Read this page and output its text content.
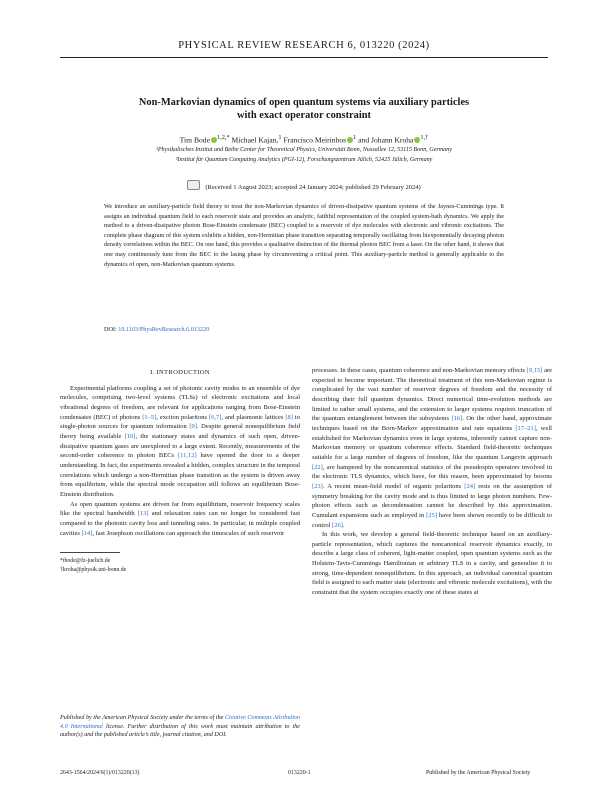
PHYSICAL REVIEW RESEARCH 6, 013220 (2024)
Non-Markovian dynamics of open quantum systems via auxiliary particles
with exact operator constraint
Tim Bode $^{1,2,*}$ Michael Kajan,$^1$ Francisco Meirinhos $^1$ and Johann Kroha $^{1,\dagger}$
¹Physikalisches Institut and Bethe Center for Theoretical Physics, Universität Bonn, Nussallee 12, 53115 Bonn, Germany
²Institut für Quantum Computing Analytics (PGI-12), Forschungszentrum Jülich, 52425 Jülich, Germany
(Received 1 August 2023; accepted 24 January 2024; published 29 February 2024)

We introduce an auxiliary-particle field theory to treat the non-Markovian dynamics of driven-dissipative quantum systems of the Jaynes-Cummings type. It assigns an individual quantum field to each reservoir state and provides an analytic, faithful representation of the coupled system-bath dynamics. We apply the method to a driven-dissipative photon Bose-Einstein condensate (BEC) coupled to a reservoir of dye molecules with electronic and vibronic excitations. The complete phase diagram of this system exhibits a hidden, non-Hermitian phase transition separating temporally oscillating from biexponentially decaying photon density correlations within the BEC. On one hand, this provides a qualitative distinction of the thermal photon BEC from a laser. On the other hand, it shows that one may continuously tune from the BEC to the lasing phase by circumventing a critical point. This auxiliary-particle method is generally applicable to the dynamics of open, non-Markovian quantum systems.

DOI: 10.1103/PhysRevResearch.6.013220
I. INTRODUCTION

Experimental platforms coupling a set of photonic cavity modes to an ensemble of dye molecules, comprising two-level systems (TLSs) of electronic excitations and local vibrational degrees of freedom, are relevant for applications ranging from Bose-Einstein condensates (BEC) of photons [1–5], exciton polaritons [6,7], and plasmonic lattices [8] to single-photon sources for quantum information [9]. Despite general nonequilibrium field theory being available [10], the stationary states and dynamics of such open, driven-dissipative quantum gases are unexplored to a large extent. Recently, measurements of the second-order coherence in photon BECs [11,12] have opened the door to a deeper understanding. In fact, the experiments revealed a hidden, complex structure in the temporal correlations which undergo a non-Hermitian phase transition as the system is driven away from equilibrium, while the spectral mode occupation still follows an equilibrium Bose-Einstein distribution.

As open quantum systems are driven far from equilibrium, reservoir frequency scales like the spectral bandwidth [13] and relaxation rates can no longer be considered fast compared to the photonic cavity loss and tunneling rates. In particular, in multiple coupled cavities [14], fast Josephson oscillations can approach the timescales of such reservoir

*tbode@fz-juelich.de
†kroha@physik.uni-bonn.de
Published by the American Physical Society under the terms of the Creative Commons Attribution 4.0 International license. Further distribution of this work must maintain attribution to the author(s) and the published article’s title, journal citation, and DOI.

processes. In these cases, quantum coherence and non-Markovian memory effects [9,15] are expected to become important. The theoretical treatment of this non-Markovian regime is complicated by the vast number of reservoir degrees of freedom and the necessity of describing their full quantum dynamics. Direct numerical time-evolution methods are limited to rather small systems, and the extension to larger systems requires truncation of the quantum entanglement between the subsystems [16]. On the other hand, approximate techniques based on the Born-Markov approximation and rate equations [17–21], well established for Markovian dynamics even in large systems, inherently cannot capture non-Markovian memory or quantum coherence effects. Standard field-theoretic techniques suitable for a large number of degrees of freedom, like the quantum Langevin approach [22], are hampered by the noncanonical statistics of the pseudospin operators involved in the electronic TLS dynamics, which have, for this reason, been approximated by bosons [23]. A recent mean-field model of organic polaritons [24] rests on the assumption of symmetry breaking for the cavity mode and is thus limited to large photon numbers. Few-photon effects such as decondensation cannot be described by this approximation. Cumulant expansions such as employed in [25] have been shown recently to be difficult to control [26].

In this work, we develop a general field-theoretic technique based on an auxiliary-particle representation, which captures the noncanonical reservoir dynamics exactly, to describe a large class of coherent, light-matter coupled, open quantum systems such as the Holstein-Tavis-Cummings Hamiltonian or arbitrary TLS in a cavity, and generalize it to strong, time-dependent nonequilibrium. In this approach, an individual canonical quantum field is assigned to each matter state (electronic and vibronic molecule excitations), with the constraint that the system occupies exactly one of these states at

2643-1564/2024/6(1)/013220(13)	013220-1	Published by the American Physical Society
